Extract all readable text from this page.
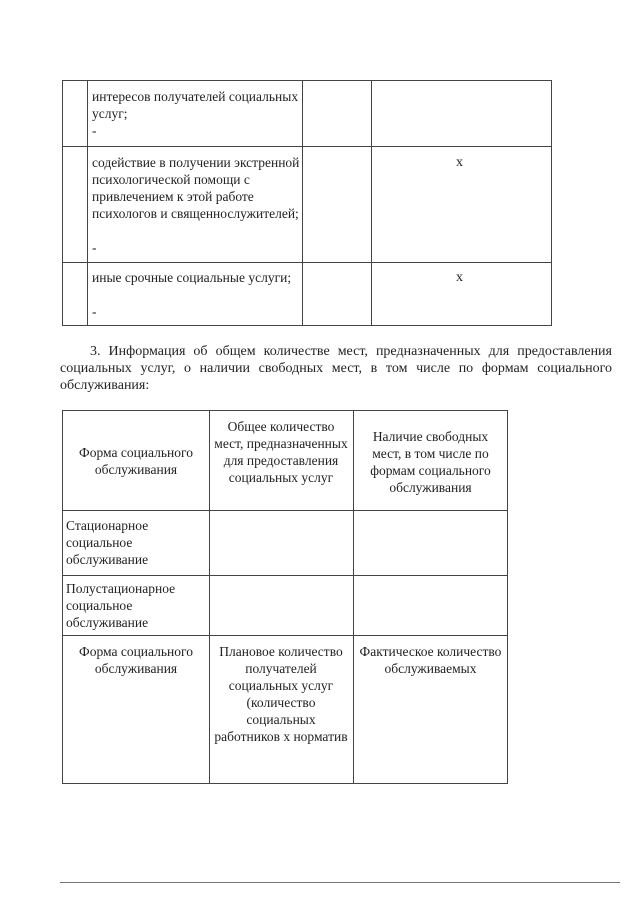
интересов получателей социальных услуг;
-
содействие в получении экстренной психологической помощи с привлечением к этой работе психологов и священнослужителей;
-
х
иные срочные социальные услуги;
-
х
3. Информация об общем количестве мест, предназначенных для предоставления социальных услуг, о наличии свободных мест, в том числе по формам социального обслуживания:
Форма социального обслуживания
Общее количество мест, предназначенных для предоставления социальных услуг
Наличие свободных мест, в том числе по формам социального обслуживания
Стационарное социальное обслуживание
Полустационарное социальное обслуживание
Форма социального обслуживания
Плановое количество получателей социальных услуг (количество социальных работников х норматив
Фактическое количество обслуживаемых
